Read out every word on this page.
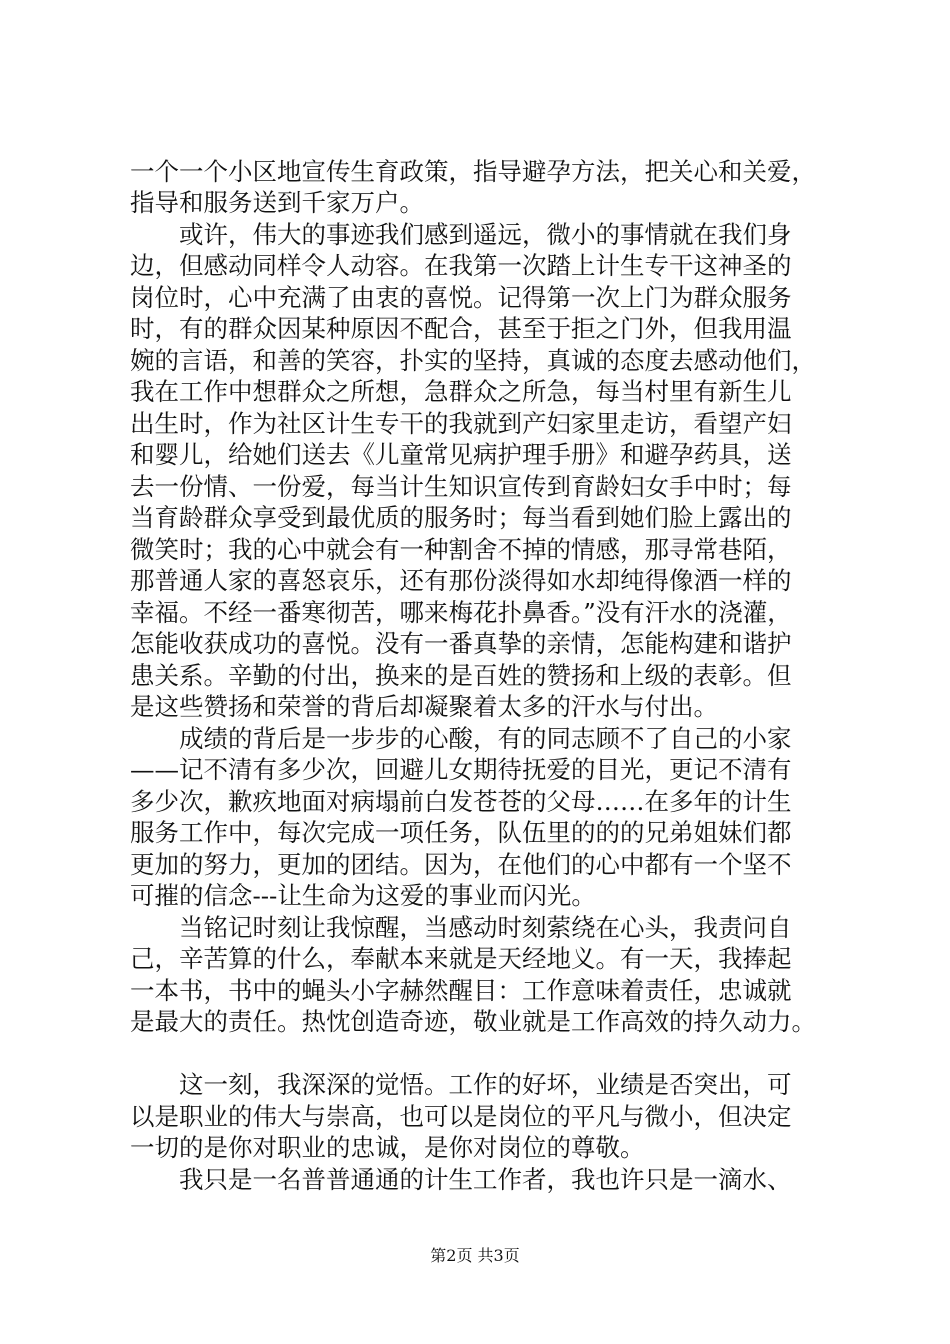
一个一个小区地宣传生育政策，指导避孕方法，把关心和关爱，
指导和服务送到千家万户。
　　或许，伟大的事迹我们感到遥远，微小的事情就在我们身
边，但感动同样令人动容。在我第一次踏上计生专干这神圣的
岗位时，心中充满了由衷的喜悦。记得第一次上门为群众服务
时，有的群众因某种原因不配合，甚至于拒之门外，但我用温
婉的言语，和善的笑容，扑实的坚持，真诚的态度去感动他们，
我在工作中想群众之所想，急群众之所急，每当村里有新生儿
出生时，作为社区计生专干的我就到产妇家里走访，看望产妇
和婴儿，给她们送去《儿童常见病护理手册》和避孕药具，送
去一份情、一份爱，每当计生知识宣传到育龄妇女手中时；每
当育龄群众享受到最优质的服务时；每当看到她们脸上露出的
微笑时；我的心中就会有一种割舍不掉的情感，那寻常巷陌，
那普通人家的喜怒哀乐，还有那份淡得如水却纯得像酒一样的
幸福。不经一番寒彻苦，哪来梅花扑鼻香。”没有汗水的浇灌，
怎能收获成功的喜悦。没有一番真挚的亲情，怎能构建和谐护
患关系。辛勤的付出，换来的是百姓的赞扬和上级的表彰。但
是这些赞扬和荣誉的背后却凝聚着太多的汗水与付出。
　　成绩的背后是一步步的心酸，有的同志顾不了自己的小家
——记不清有多少次，回避儿女期待抚爱的目光，更记不清有
多少次，歉疚地面对病塌前白发苍苍的父母……在多年的计生
服务工作中，每次完成一项任务，队伍里的的的兄弟姐妹们都
更加的努力，更加的团结。因为，在他们的心中都有一个坚不
可摧的信念---让生命为这爱的事业而闪光。
　　当铭记时刻让我惊醒，当感动时刻萦绕在心头，我责问自
己，辛苦算的什么，奉献本来就是天经地义。有一天，我捧起
一本书，书中的蝇头小字赫然醒目：工作意味着责任，忠诚就
是最大的责任。热忱创造奇迹，敬业就是工作高效的持久动力。
　　这一刻，我深深的觉悟。工作的好坏，业绩是否突出，可
以是职业的伟大与崇高，也可以是岗位的平凡与微小，但决定
一切的是你对职业的忠诚，是你对岗位的尊敬。
　　我只是一名普普通通的计生工作者，我也许只是一滴水、
第2页 共3页
